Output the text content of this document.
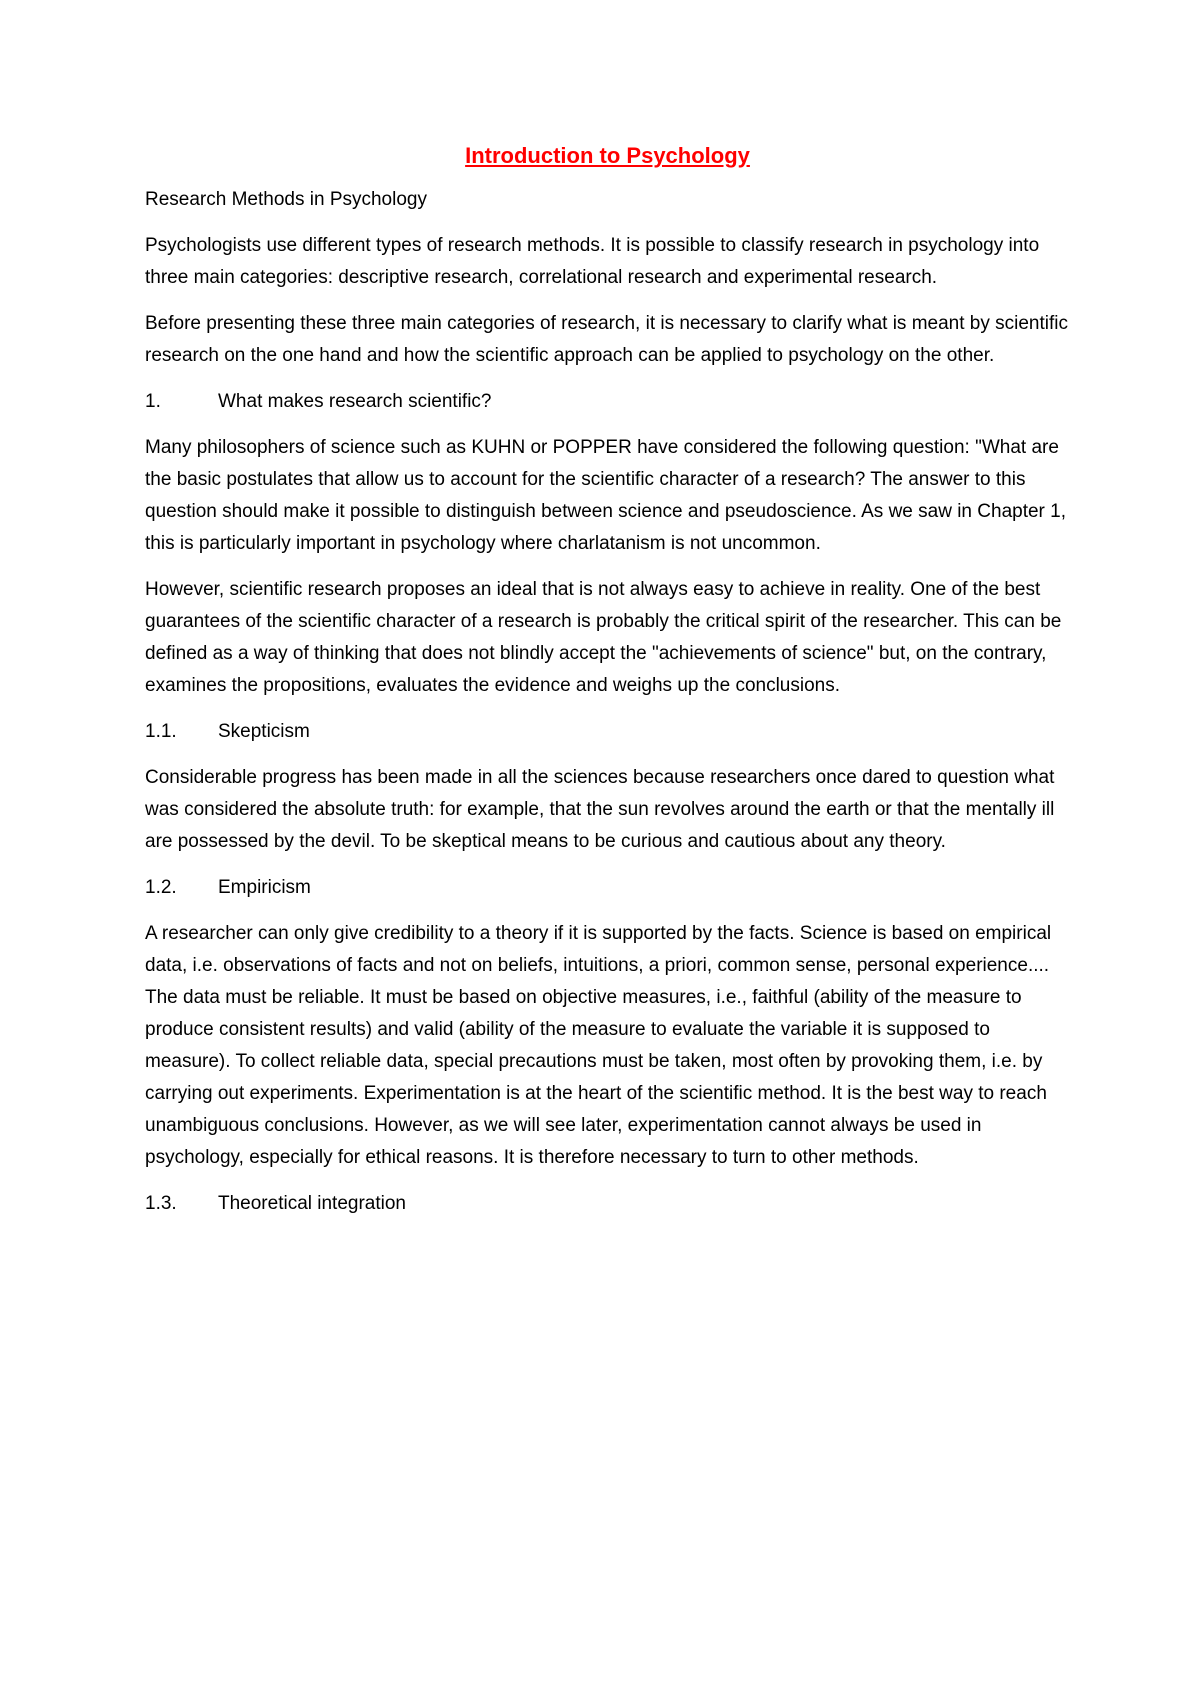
Introduction to Psychology
Research Methods in Psychology

Psychologists use different types of research methods. It is possible to classify research in psychology into three main categories: descriptive research, correlational research and experimental research.

Before presenting these three main categories of research, it is necessary to clarify what is meant by scientific research on the one hand and how the scientific approach can be applied to psychology on the other.

1.	What makes research scientific?

Many philosophers of science such as KUHN or POPPER have considered the following question: "What are the basic postulates that allow us to account for the scientific character of a research? The answer to this question should make it possible to distinguish between science and pseudoscience. As we saw in Chapter 1, this is particularly important in psychology where charlatanism is not uncommon.

However, scientific research proposes an ideal that is not always easy to achieve in reality. One of the best guarantees of the scientific character of a research is probably the critical spirit of the researcher. This can be defined as a way of thinking that does not blindly accept the "achievements of science" but, on the contrary, examines the propositions, evaluates the evidence and weighs up the conclusions.

1.1.	Skepticism

Considerable progress has been made in all the sciences because researchers once dared to question what was considered the absolute truth: for example, that the sun revolves around the earth or that the mentally ill are possessed by the devil. To be skeptical means to be curious and cautious about any theory.

1.2.	Empiricism

A researcher can only give credibility to a theory if it is supported by the facts. Science is based on empirical data, i.e. observations of facts and not on beliefs, intuitions, a priori, common sense, personal experience.... The data must be reliable. It must be based on objective measures, i.e., faithful (ability of the measure to produce consistent results) and valid (ability of the measure to evaluate the variable it is supposed to measure). To collect reliable data, special precautions must be taken, most often by provoking them, i.e. by carrying out experiments. Experimentation is at the heart of the scientific method. It is the best way to reach unambiguous conclusions. However, as we will see later, experimentation cannot always be used in psychology, especially for ethical reasons. It is therefore necessary to turn to other methods.

1.3.	Theoretical integration
